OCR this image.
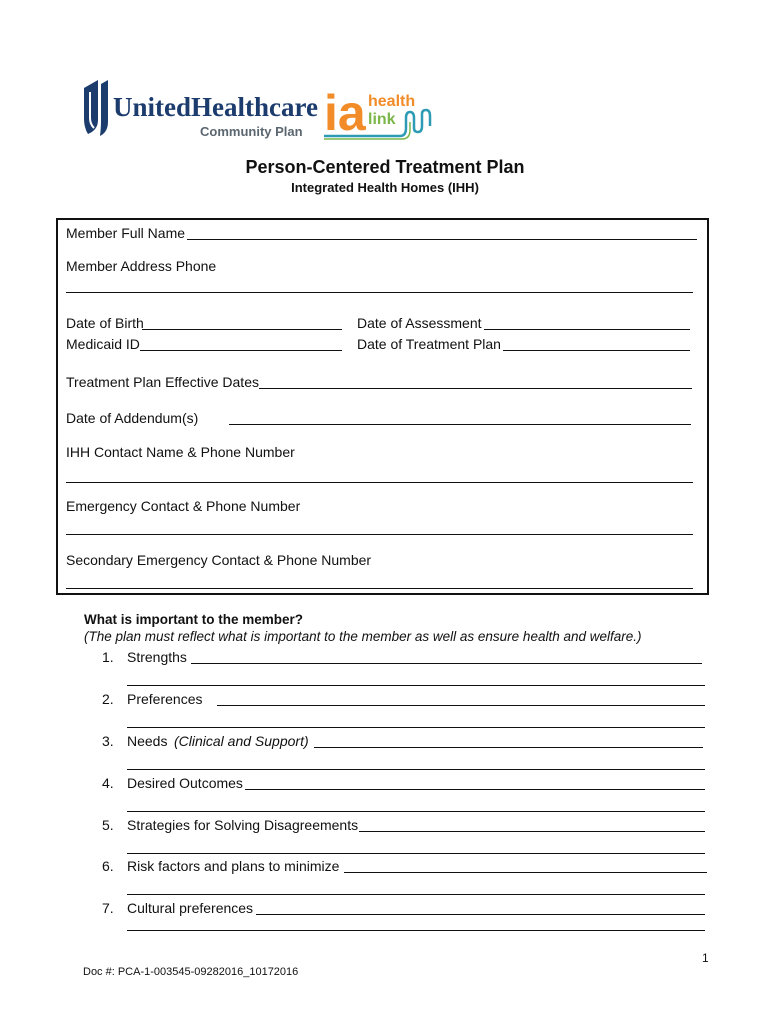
UnitedHealthcare
Community Plan ia health
link
Person-Centered Treatment Plan
Integrated Health Homes (IHH)
Member Full Name
Member Address Phone
Date of Birth	Date of Assessment
Medicaid ID	Date of Treatment Plan
Treatment Plan Effective Dates
Date of Addendum(s)
IHH Contact Name & Phone Number
Emergency Contact & Phone Number
Secondary Emergency Contact & Phone Number
What is important to the member?
(The plan must reflect what is important to the member as well as ensure health and welfare.)
1. Strengths
2. Preferences
3. Needs (Clinical and Support)
4. Desired Outcomes
5. Strategies for Solving Disagreements
6. Risk factors and plans to minimize
7. Cultural preferences
1
Doc #: PCA-1-003545-09282016_10172016
